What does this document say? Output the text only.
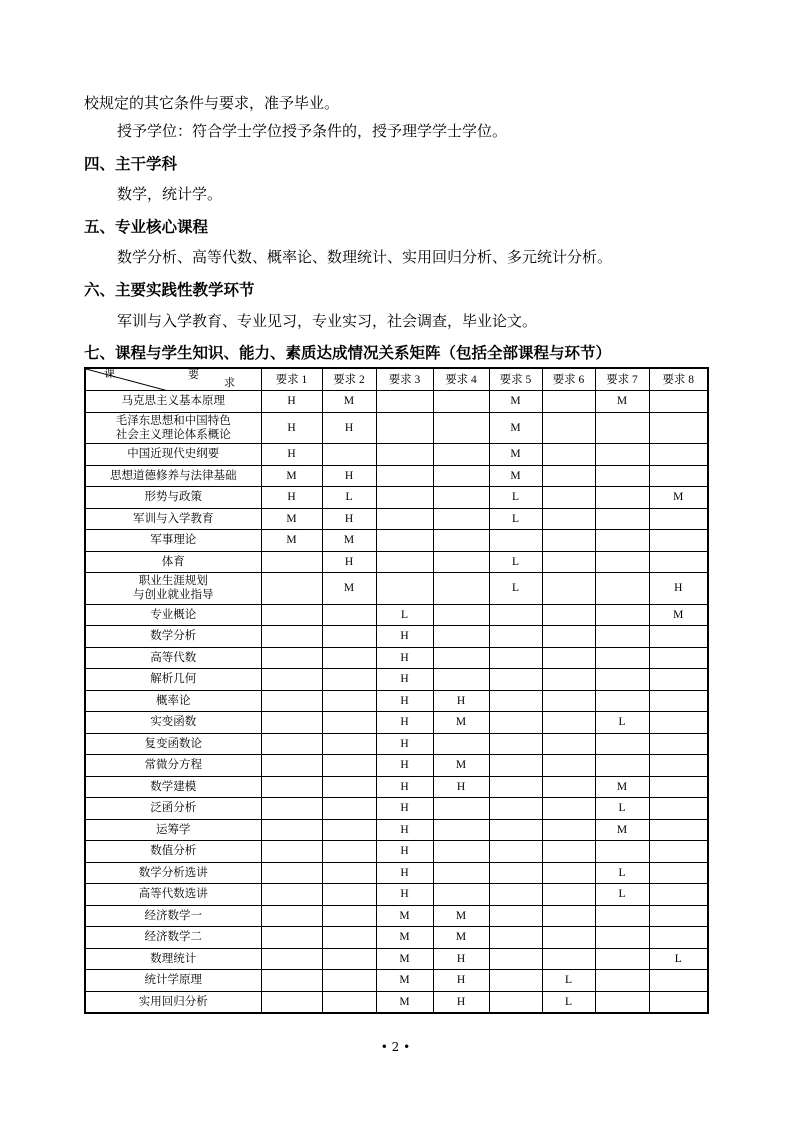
校规定的其它条件与要求，准予毕业。
授予学位：符合学士学位授予条件的，授予理学学士学位。
四、主干学科
数学，统计学。
五、专业核心课程
数学分析、高等代数、概率论、数理统计、实用回归分析、多元统计分析。
六、主要实践性教学环节
军训与入学教育、专业见习，专业实习，社会调查，毕业论文。
七、课程与学生知识、能力、素质达成情况关系矩阵（包括全部课程与环节）
课 要
求	要求 1	要求 2	要求 3	要求 4	要求 5	要求 6	要求 7	要求 8
马克思主义基本原理	H	M			M		M	

毛泽东思想和中国特色
社会主义理论体系概论	H	H			M			
中国近现代史纲要	H				M			
思想道德修养与法律基础	M	H			M			
形势与政策	H	L			L			M
军训与入学教育	M	H			L			
军事理论	M	M						
体育		H			L			

职业生涯规划
与创业就业指导		M			L			H
专业概论			L					M
数学分析			H					
高等代数			H					
解析几何			H					
概率论			H	H				
实变函数			H	M			L	
复变函数论			H					
常微分方程			H	M				
数学建模			H	H			M	
泛函分析			H				L	
运筹学			H				M	
数值分析			H					
数学分析选讲			H				L	
高等代数选讲			H				L	
经济数学一			M	M				
经济数学二			M	M				
数理统计			M	H				L
统计学原理			M	H		L		
实用回归分析			M	H		L		
• 2 •
